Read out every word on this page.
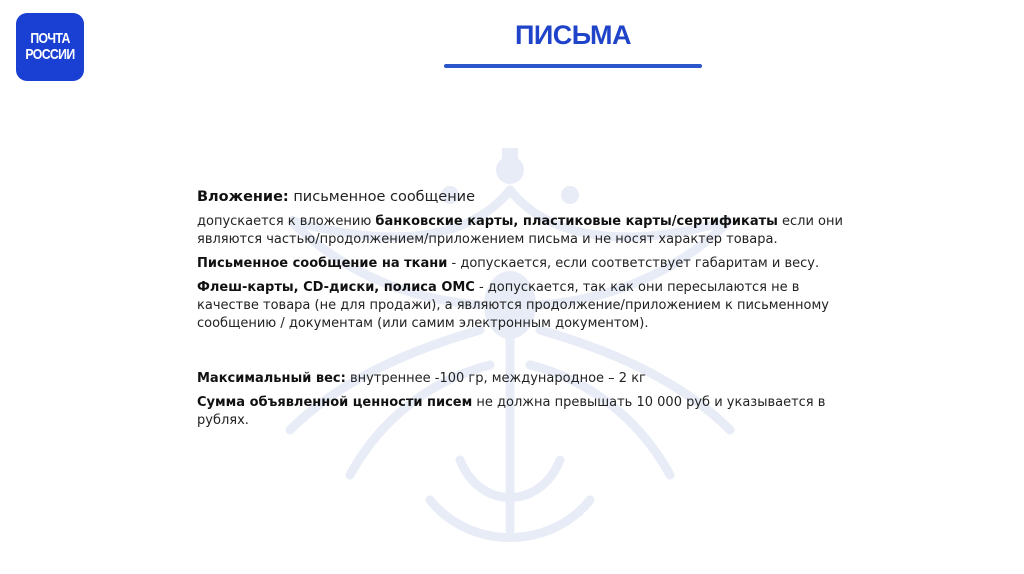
ПОЧТА
РОССИИ
ПИСЬМА

Вложение: письменное сообщение

допускается к вложению банковские карты, пластиковые карты/сертификаты если они являются частью/продолжением/приложением письма и не носят характер товара.

Письменное сообщение на ткани - допускается, если соответствует габаритам и весу.

Флеш-карты, CD-диски, полиса ОМС - допускается, так как они пересылаются не в качестве товара (не для продажи), а являются продолжение/приложением к письменному сообщению / документам (или самим электронным документом).

Максимальный вес: внутреннее -100 гр, международное – 2 кг

Сумма объявленной ценности писем не должна превышать 10 000 руб и указывается в рублях.
